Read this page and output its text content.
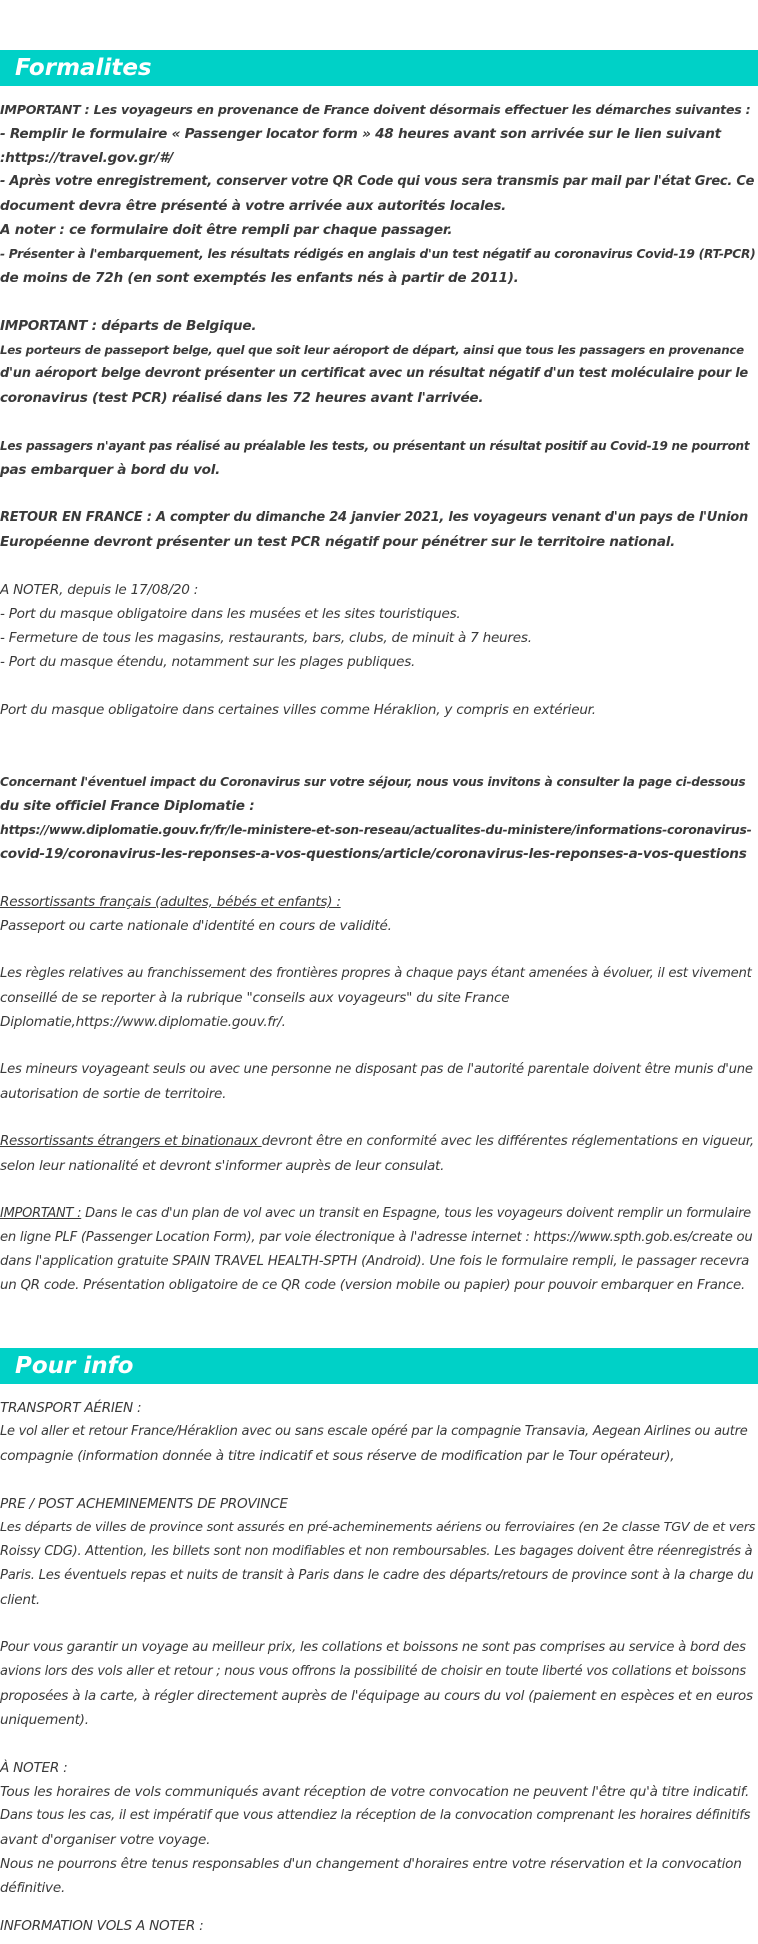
Formalites
IMPORTANT : Les voyageurs en provenance de France doivent désormais effectuer les démarches suivantes :
- Remplir le formulaire « Passenger locator form » 48 heures avant son arrivée sur le lien suivant
:https://travel.gov.gr/#/
- Après votre enregistrement, conserver votre QR Code qui vous sera transmis par mail par l'état Grec. Ce
document devra être présenté à votre arrivée aux autorités locales.
A noter : ce formulaire doit être rempli par chaque passager.
- Présenter à l'embarquement, les résultats rédigés en anglais d'un test négatif au coronavirus Covid-19 (RT-PCR)
de moins de 72h (en sont exemptés les enfants nés à partir de 2011).
IMPORTANT : départs de Belgique.
Les porteurs de passeport belge, quel que soit leur aéroport de départ, ainsi que tous les passagers en provenance
d'un aéroport belge devront présenter un certificat avec un résultat négatif d'un test moléculaire pour le
coronavirus (test PCR) réalisé dans les 72 heures avant l'arrivée.
Les passagers n'ayant pas réalisé au préalable les tests, ou présentant un résultat positif au Covid-19 ne pourront
pas embarquer à bord du vol.
RETOUR EN FRANCE : A compter du dimanche 24 janvier 2021, les voyageurs venant d'un pays de l'Union
Européenne devront présenter un test PCR négatif pour pénétrer sur le territoire national.
A NOTER, depuis le 17/08/20 :
- Port du masque obligatoire dans les musées et les sites touristiques.
- Fermeture de tous les magasins, restaurants, bars, clubs, de minuit à 7 heures.
- Port du masque étendu, notamment sur les plages publiques.
Port du masque obligatoire dans certaines villes comme Héraklion, y compris en extérieur.
Concernant l'éventuel impact du Coronavirus sur votre séjour, nous vous invitons à consulter la page ci-dessous
du site officiel France Diplomatie :
https://www.diplomatie.gouv.fr/fr/le-ministere-et-son-reseau/actualites-du-ministere/informations-coronavirus-
covid-19/coronavirus-les-reponses-a-vos-questions/article/coronavirus-les-reponses-a-vos-questions
Ressortissants français (adultes, bébés et enfants) :
Passeport ou carte nationale d'identité en cours de validité.
Les règles relatives au franchissement des frontières propres à chaque pays étant amenées à évoluer, il est vivement
conseillé de se reporter à la rubrique "conseils aux voyageurs" du site France
Diplomatie,https://www.diplomatie.gouv.fr/.
Les mineurs voyageant seuls ou avec une personne ne disposant pas de l'autorité parentale doivent être munis d'une
autorisation de sortie de territoire.
Ressortissants étrangers et binationaux devront être en conformité avec les différentes réglementations en vigueur,
selon leur nationalité et devront s'informer auprès de leur consulat.
IMPORTANT : Dans le cas d'un plan de vol avec un transit en Espagne, tous les voyageurs doivent remplir un formulaire
en ligne PLF (Passenger Location Form), par voie électronique à l'adresse internet : https://www.spth.gob.es/create ou
dans l'application gratuite SPAIN TRAVEL HEALTH-SPTH (Android). Une fois le formulaire rempli, le passager recevra
un QR code. Présentation obligatoire de ce QR code (version mobile ou papier) pour pouvoir embarquer en France.
Pour info
TRANSPORT AÉRIEN :
Le vol aller et retour France/Héraklion avec ou sans escale opéré par la compagnie Transavia, Aegean Airlines ou autre
compagnie (information donnée à titre indicatif et sous réserve de modification par le Tour opérateur),
PRE / POST ACHEMINEMENTS DE PROVINCE
Les départs de villes de province sont assurés en pré-acheminements aériens ou ferroviaires (en 2e classe TGV de et vers
Roissy CDG). Attention, les billets sont non modifiables et non remboursables. Les bagages doivent être réenregistrés à
Paris. Les éventuels repas et nuits de transit à Paris dans le cadre des départs/retours de province sont à la charge du
client.
Pour vous garantir un voyage au meilleur prix, les collations et boissons ne sont pas comprises au service à bord des
avions lors des vols aller et retour ; nous vous offrons la possibilité de choisir en toute liberté vos collations et boissons
proposées à la carte, à régler directement auprès de l'équipage au cours du vol (paiement en espèces et en euros
uniquement).
À NOTER :
Tous les horaires de vols communiqués avant réception de votre convocation ne peuvent l'être qu'à titre indicatif.
Dans tous les cas, il est impératif que vous attendiez la réception de la convocation comprenant les horaires définitifs
avant d'organiser votre voyage.
Nous ne pourrons être tenus responsables d'un changement d'horaires entre votre réservation et la convocation
définitive.
INFORMATION VOLS A NOTER :
